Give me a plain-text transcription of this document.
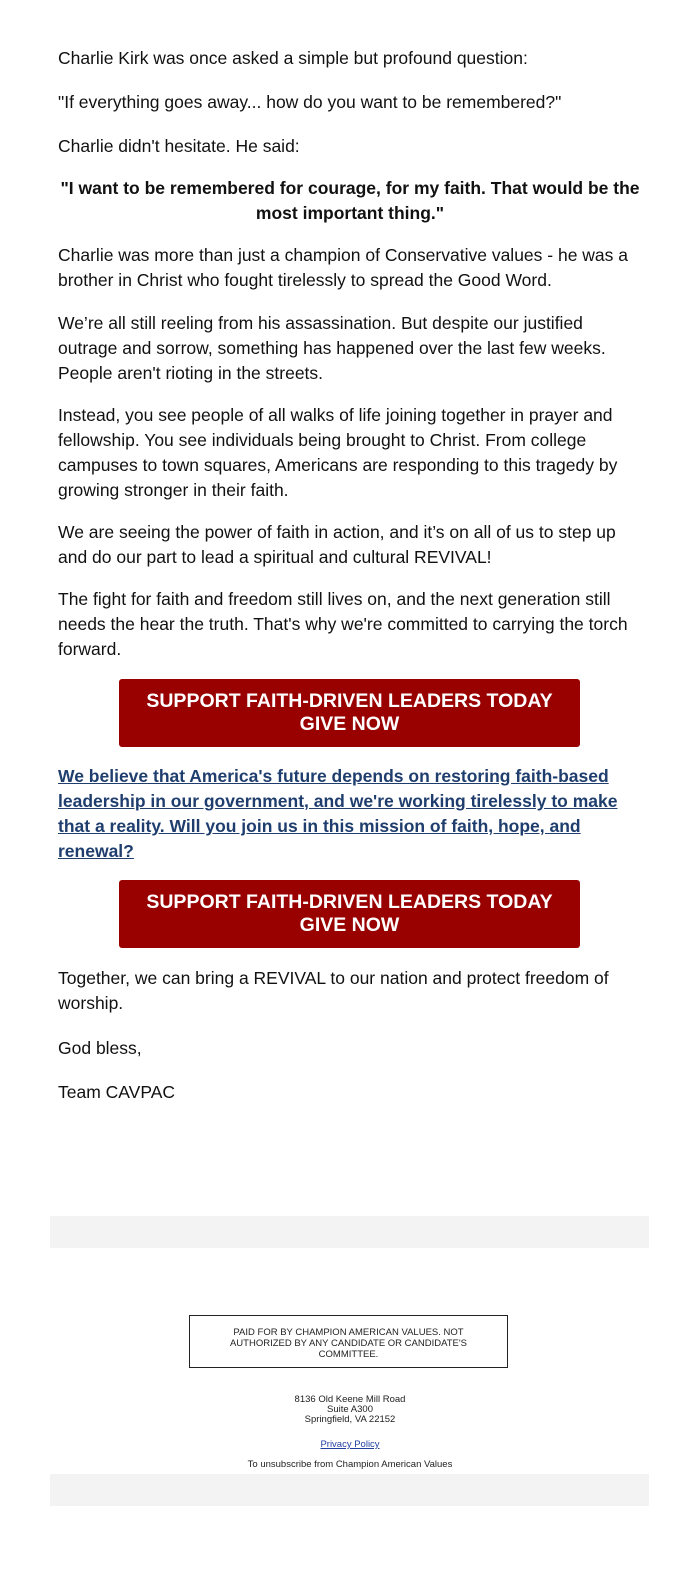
Charlie Kirk was once asked a simple but profound question:

"If everything goes away... how do you want to be remembered?"

Charlie didn't hesitate. He said:

"I want to be remembered for courage, for my faith. That would be the most important thing."

Charlie was more than just a champion of Conservative values - he was a brother in Christ who fought tirelessly to spread the Good Word.

We’re all still reeling from his assassination. But despite our justified outrage and sorrow, something has happened over the last few weeks. People aren't rioting in the streets.

Instead, you see people of all walks of life joining together in prayer and fellowship. You see individuals being brought to Christ. From college campuses to town squares, Americans are responding to this tragedy by growing stronger in their faith.

We are seeing the power of faith in action, and it’s on all of us to step up and do our part to lead a spiritual and cultural REVIVAL!

The fight for faith and freedom still lives on, and the next generation still needs the hear the truth. That's why we're committed to carrying the torch forward.

SUPPORT FAITH-DRIVEN LEADERS TODAY
GIVE NOW
We believe that America's future depends on restoring faith-based leadership in our government, and we're working tirelessly to make that a reality. Will you join us in this mission of faith, hope, and renewal?
SUPPORT FAITH-DRIVEN LEADERS TODAY
GIVE NOW

Together, we can bring a REVIVAL to our nation and protect freedom of worship.

God bless,

Team CAVPAC

PAID FOR BY CHAMPION AMERICAN VALUES. NOT AUTHORIZED BY ANY CANDIDATE OR CANDIDATE'S COMMITTEE.
8136 Old Keene Mill Road
Suite A300
Springfield, VA 22152
Privacy Policy
To unsubscribe from Champion American Values
